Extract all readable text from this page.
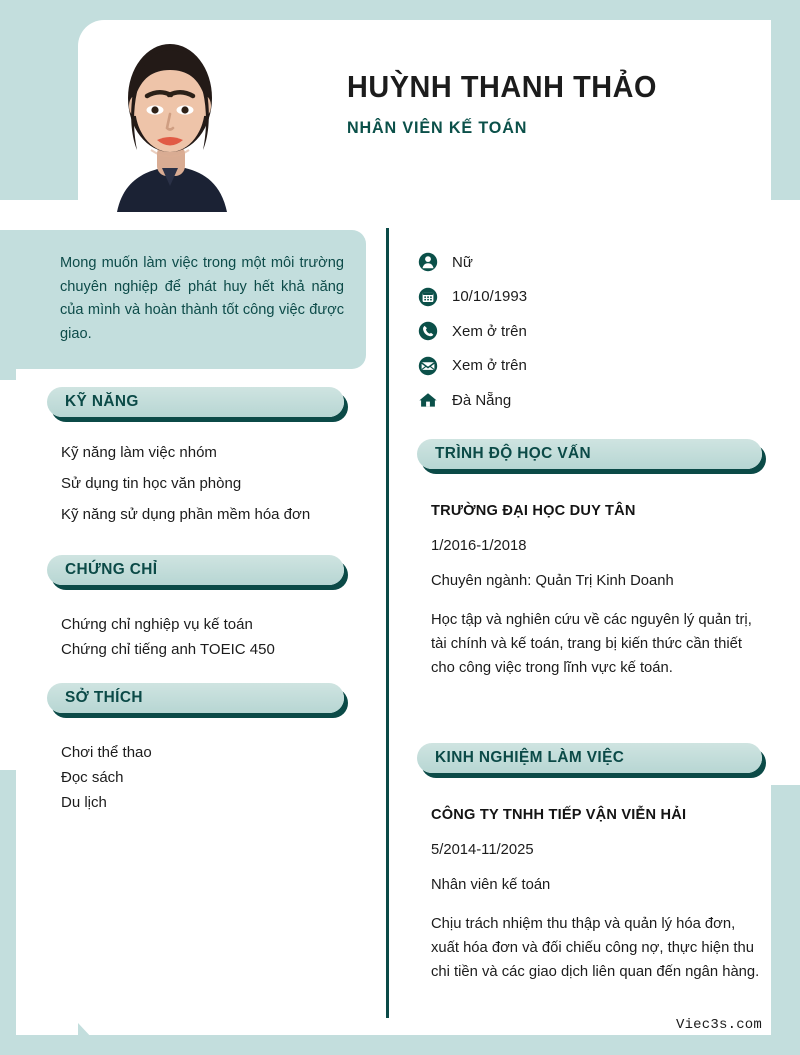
HUỲNH THANH THẢO
NHÂN VIÊN KẾ TOÁN
Mong muốn làm việc trong một môi trường chuyên nghiệp để phát huy hết khả năng của mình và hoàn thành tốt công việc được giao.
KỸ NĂNG
Kỹ năng làm việc nhóm
Sử dụng tin học văn phòng
Kỹ năng sử dụng phần mềm hóa đơn
CHỨNG CHỈ
Chứng chỉ nghiệp vụ kế toán
Chứng chỉ tiếng anh TOEIC 450
SỞ THÍCH
Chơi thể thao
Đọc sách
Du lịch
Nữ
10/10/1993
Xem ở trên
Xem ở trên
Đà Nẵng
TRÌNH ĐỘ HỌC VẤN
TRƯỜNG ĐẠI HỌC DUY TÂN
1/2016-1/2018
Chuyên ngành: Quản Trị Kinh Doanh
Học tập và nghiên cứu về các nguyên lý quản trị, tài chính và kế toán, trang bị kiến thức cần thiết cho công việc trong lĩnh vực kế toán.
KINH NGHIỆM LÀM VIỆC
CÔNG TY TNHH TIẾP VẬN VIỄN HẢI
5/2014-11/2025
Nhân viên kế toán
Chịu trách nhiệm thu thập và quản lý hóa đơn, xuất hóa đơn và đối chiếu công nợ, thực hiện thu chi tiền và các giao dịch liên quan đến ngân hàng.
Viec3s.com
